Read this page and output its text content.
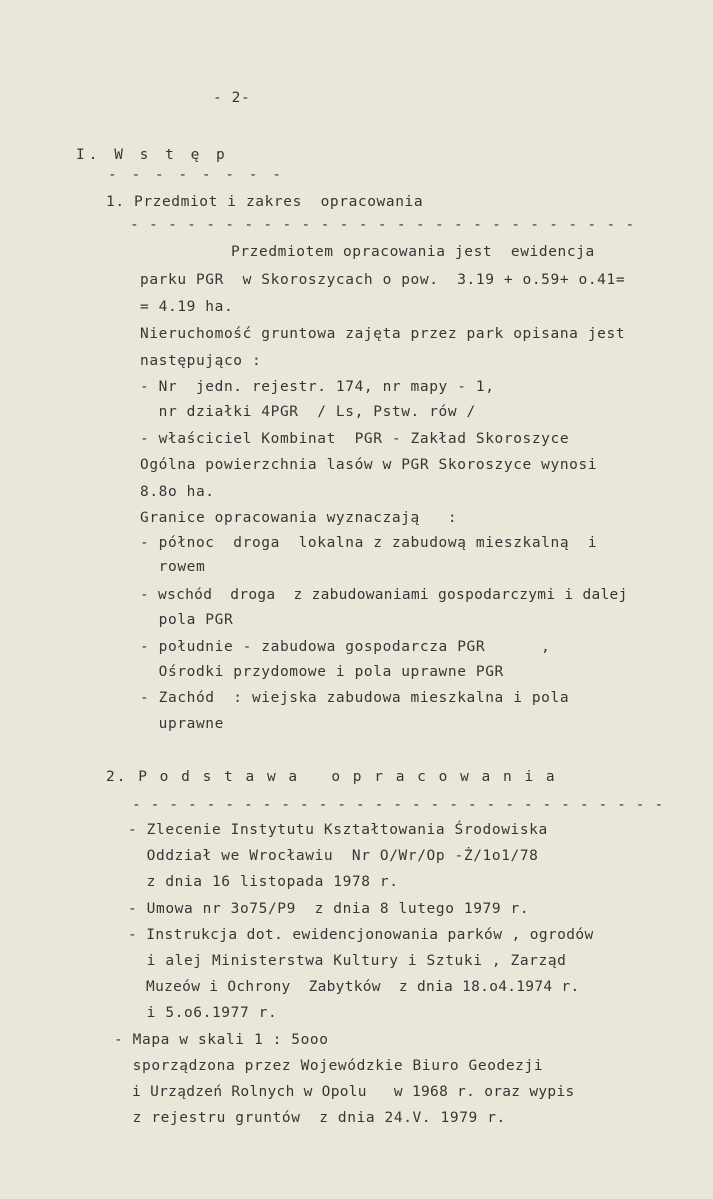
- 2-
I. W s t ę p
- - - - - - - -
1. Przedmiot i zakres  opracowania
- - - - - - - - - - - - - - - - - - - - - - - - - - -
Przedmiotem opracowania jest  ewidencja
parku PGR  w Skoroszycach o pow.  3.19 + o.59+ o.41=
= 4.19 ha.
Nieruchomość gruntowa zajęta przez park opisana jest
następująco :
- Nr  jedn. rejestr. 174, nr mapy - 1,
nr działki 4PGR  / Ls, Pstw. rów /
- właściciel Kombinat  PGR - Zakład Skoroszyce
Ogólna powierzchnia lasów w PGR Skoroszyce wynosi
8.8o ha.
Granice opracowania wyznaczają   :
- północ  droga  lokalna z zabudową mieszkalną  i
rowem
- wschód  droga  z zabudowaniami gospodarczymi i dalej
pola PGR
- południe - zabudowa gospodarcza PGR      ,
Ośrodki przydomowe i pola uprawne PGR
- Zachód  : wiejska zabudowa mieszkalna i pola
uprawne
2. P o d s t a w a   o p r a c o w a n i a
- - - - - - - - - - - - - - - - - - - - - - - - - - - - -
- Zlecenie Instytutu Kształtowania Środowiska
Oddział we Wrocławiu  Nr O/Wr/Op -Ż/1o1/78
z dnia 16 listopada 1978 r.
- Umowa nr 3o75/P9  z dnia 8 lutego 1979 r.
- Instrukcja dot. ewidencjonowania parków , ogrodów
i alej Ministerstwa Kultury i Sztuki , Zarząd
Muzeów i Ochrony  Zabytków  z dnia 18.o4.1974 r.
i 5.o6.1977 r.
- Mapa w skali 1 : 5ooo
sporządzona przez Wojewódzkie Biuro Geodezji
i Urządzeń Rolnych w Opolu   w 1968 r. oraz wypis
z rejestru gruntów  z dnia 24.V. 1979 r.
